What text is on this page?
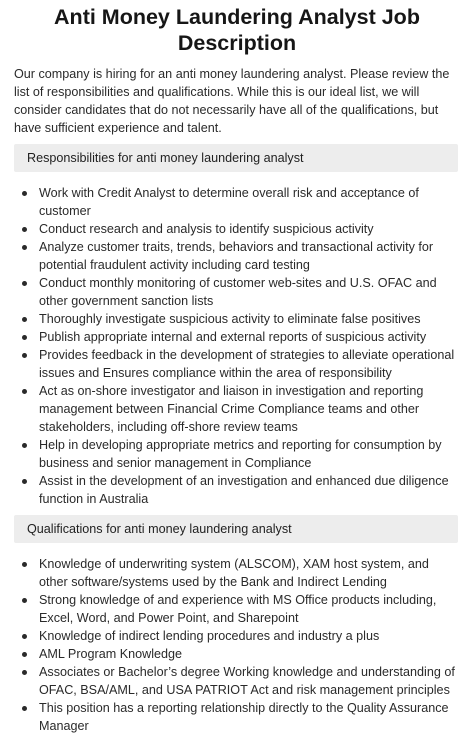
Anti Money Laundering Analyst Job Description

Our company is hiring for an anti money laundering analyst. Please review the list of responsibilities and qualifications. While this is our ideal list, we will consider candidates that do not necessarily have all of the qualifications, but have sufficient experience and talent.

Responsibilities for anti money laundering analyst
Work with Credit Analyst to determine overall risk and acceptance of customer
Conduct research and analysis to identify suspicious activity
Analyze customer traits, trends, behaviors and transactional activity for potential fraudulent activity including card testing
Conduct monthly monitoring of customer web-sites and U.S. OFAC and other government sanction lists
Thoroughly investigate suspicious activity to eliminate false positives
Publish appropriate internal and external reports of suspicious activity
Provides feedback in the development of strategies to alleviate operational issues and Ensures compliance within the area of responsibility
Act as on-shore investigator and liaison in investigation and reporting management between Financial Crime Compliance teams and other stakeholders, including off-shore review teams
Help in developing appropriate metrics and reporting for consumption by business and senior management in Compliance
Assist in the development of an investigation and enhanced due diligence function in Australia
Qualifications for anti money laundering analyst
Knowledge of underwriting system (ALSCOM), XAM host system, and other software/systems used by the Bank and Indirect Lending
Strong knowledge of and experience with MS Office products including, Excel, Word, and Power Point, and Sharepoint
Knowledge of indirect lending procedures and industry a plus
AML Program Knowledge
Associates or Bachelor’s degree Working knowledge and understanding of OFAC, BSA/AML, and USA PATRIOT Act and risk management principles
This position has a reporting relationship directly to the Quality Assurance Manager
